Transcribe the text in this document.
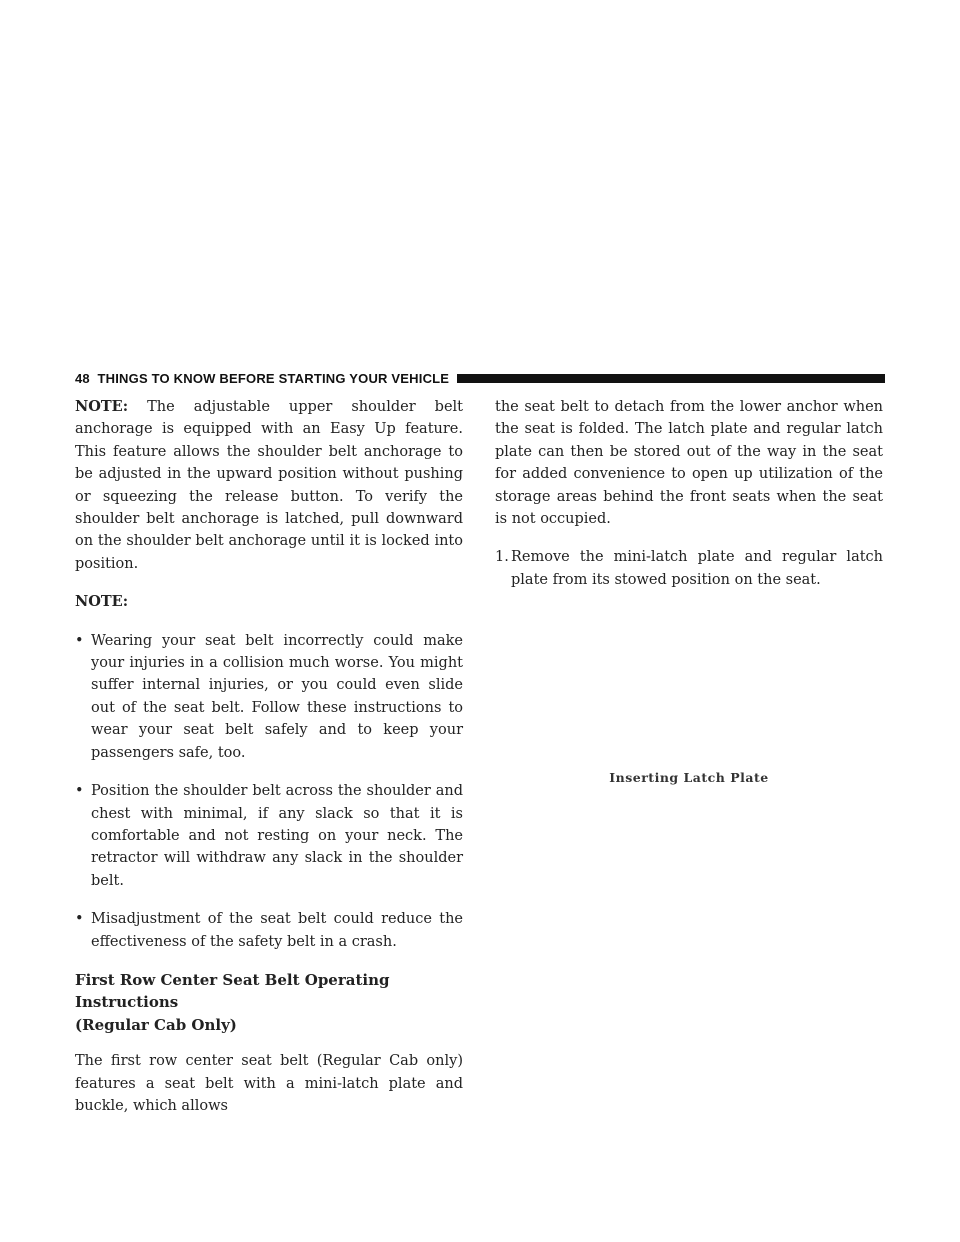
48 THINGS TO KNOW BEFORE STARTING YOUR VEHICLE

NOTE: The adjustable upper shoulder belt anchorage is equipped with an Easy Up feature. This feature allows the shoulder belt anchorage to be adjusted in the upward position without pushing or squeezing the release button. To verify the shoulder belt anchorage is latched, pull downward on the shoulder belt anchorage until it is locked into position.

NOTE:

• Wearing your seat belt incorrectly could make your injuries in a collision much worse. You might suffer internal injuries, or you could even slide out of the seat belt. Follow these instructions to wear your seat belt safely and to keep your passengers safe, too.
• Position the shoulder belt across the shoulder and chest with minimal, if any slack so that it is comfortable and not resting on your neck. The retractor will withdraw any slack in the shoulder belt.
• Misadjustment of the seat belt could reduce the effectiveness of the safety belt in a crash.
First Row Center Seat Belt Operating Instructions
(Regular Cab Only)

The first row center seat belt (Regular Cab only) features a seat belt with a mini-latch plate and buckle, which allows

the seat belt to detach from the lower anchor when the seat is folded. The latch plate and regular latch plate can then be stored out of the way in the seat for added convenience to open up utilization of the storage areas behind the front seats when the seat is not occupied.

1. Remove the mini-latch plate and regular latch plate from its stowed position on the seat.
Inserting Latch Plate
